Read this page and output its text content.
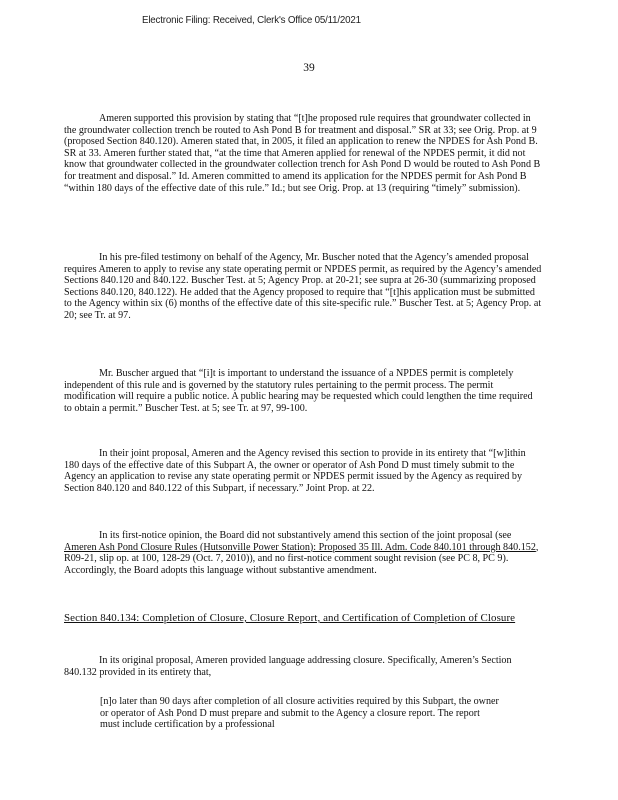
Electronic Filing: Received, Clerk's Office 05/11/2021
39

Ameren supported this provision by stating that “[t]he proposed rule requires that groundwater collected in the groundwater collection trench be routed to Ash Pond B for treatment and disposal.” SR at 33; see Orig. Prop. at 9 (proposed Section 840.120). Ameren stated that, in 2005, it filed an application to renew the NPDES for Ash Pond B. SR at 33. Ameren further stated that, “at the time that Ameren applied for renewal of the NPDES permit, it did not know that groundwater collected in the groundwater collection trench for Ash Pond D would be routed to Ash Pond B for treatment and disposal.” Id. Ameren committed to amend its application for the NPDES permit for Ash Pond B “within 180 days of the effective date of this rule.” Id.; but see Orig. Prop. at 13 (requiring “timely” submission).

In his pre-filed testimony on behalf of the Agency, Mr. Buscher noted that the Agency’s amended proposal requires Ameren to apply to revise any state operating permit or NPDES permit, as required by the Agency’s amended Sections 840.120 and 840.122. Buscher Test. at 5; Agency Prop. at 20-21; see supra at 26-30 (summarizing proposed Sections 840.120, 840.122). He added that the Agency proposed to require that “[t]his application must be submitted to the Agency within six (6) months of the effective date of this site-specific rule.” Buscher Test. at 5; Agency Prop. at 20; see Tr. at 97.

Mr. Buscher argued that “[i]t is important to understand the issuance of a NPDES permit is completely independent of this rule and is governed by the statutory rules pertaining to the permit process. The permit modification will require a public notice. A public hearing may be requested which could lengthen the time required to obtain a permit.” Buscher Test. at 5; see Tr. at 97, 99-100.

In their joint proposal, Ameren and the Agency revised this section to provide in its entirety that “[w]ithin 180 days of the effective date of this Subpart A, the owner or operator of Ash Pond D must timely submit to the Agency an application to revise any state operating permit or NPDES permit issued by the Agency as required by Section 840.120 and 840.122 of this Subpart, if necessary.” Joint Prop. at 22.

In its first-notice opinion, the Board did not substantively amend this section of the joint proposal (see Ameren Ash Pond Closure Rules (Hutsonville Power Station): Proposed 35 Ill. Adm. Code 840.101 through 840.152, R09-21, slip op. at 100, 128-29 (Oct. 7, 2010)), and no first-notice comment sought revision (see PC 8, PC 9). Accordingly, the Board adopts this language without substantive amendment.

Section 840.134: Completion of Closure, Closure Report, and Certification of Completion of Closure

In its original proposal, Ameren provided language addressing closure. Specifically, Ameren’s Section 840.132 provided in its entirety that,

[n]o later than 90 days after completion of all closure activities required by this Subpart, the owner or operator of Ash Pond D must prepare and submit to the Agency a closure report. The report must include certification by a professional
